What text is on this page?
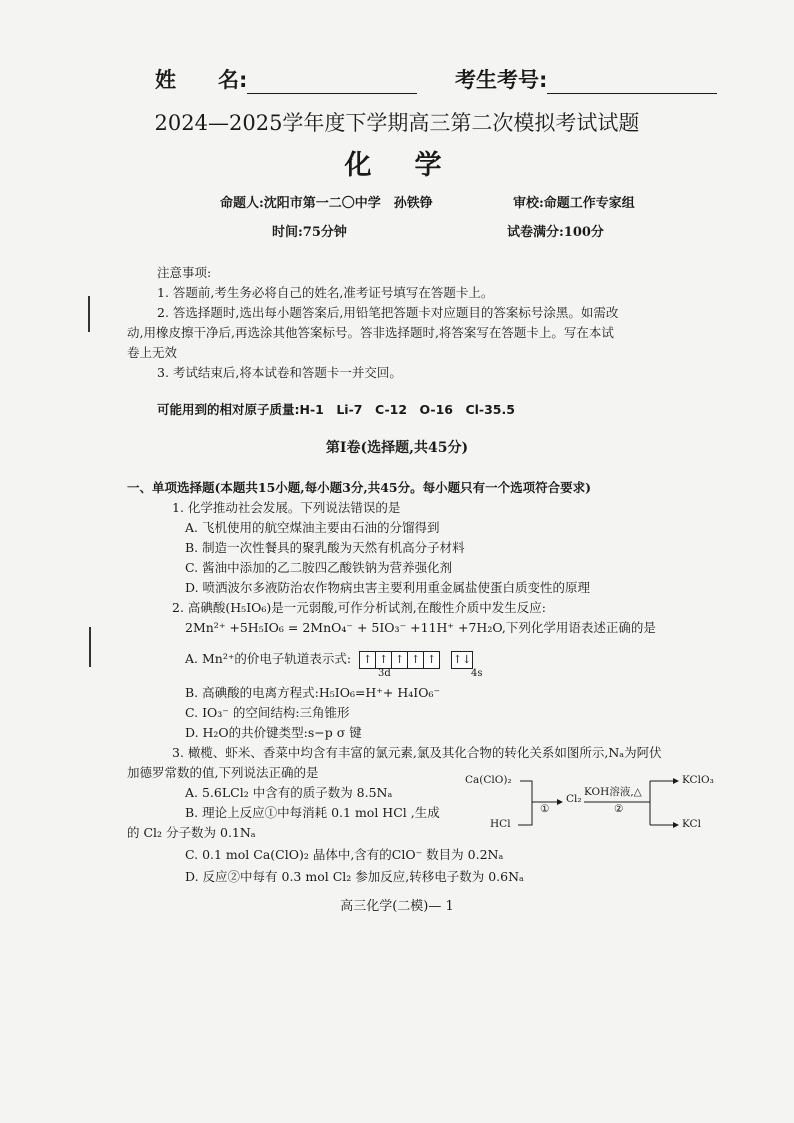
姓　　名:	考生考号:
2024—2025学年度下学期高三第二次模拟考试试题
化　学
命题人:沈阳市第一二〇中学　孙铁铮	审校:命题工作专家组
时间:75分钟	试卷满分:100分
注意事项:
1. 答题前,考生务必将自己的姓名,准考证号填写在答题卡上。
2. 答选择题时,选出每小题答案后,用铅笔把答题卡对应题目的答案标号涂黑。如需改
动,用橡皮擦干净后,再选涂其他答案标号。答非选择题时,将答案写在答题卡上。写在本试
卷上无效
3. 考试结束后,将本试卷和答题卡一并交回。
可能用到的相对原子质量:H-1　Li-7　C-12　O-16　Cl-35.5
第Ⅰ卷(选择题,共45分)
一、单项选择题(本题共15小题,每小题3分,共45分。每小题只有一个选项符合要求)
1. 化学推动社会发展。下列说法错误的是
A. 飞机使用的航空煤油主要由石油的分馏得到
B. 制造一次性餐具的聚乳酸为天然有机高分子材料
C. 酱油中添加的乙二胺四乙酸铁钠为营养强化剂
D. 喷洒波尔多液防治农作物病虫害主要利用重金属盐使蛋白质变性的原理
2. 高碘酸(H₅IO₆)是一元弱酸,可作分析试剂,在酸性介质中发生反应:
2Mn²⁺ +5H₅IO₆ = 2MnO₄⁻ + 5IO₃⁻ +11H⁺ +7H₂O,下列化学用语表述正确的是
A. Mn²⁺的价电子轨道表示式: ↑ ↑ ↑ ↑ ↑ ↑↓
3d	4s
B. 高碘酸的电离方程式:H₅IO₆=H⁺+ H₄IO₆⁻
C. IO₃⁻ 的空间结构:三角锥形
D. H₂O的共价键类型:s−p σ 键
3. 橄榄、虾米、香菜中均含有丰富的氯元素,氯及其化合物的转化关系如图所示,Nₐ为阿伏
加德罗常数的值,下列说法正确的是
A. 5.6LCl₂ 中含有的质子数为 8.5Nₐ
B. 理论上反应①中每消耗 0.1 mol HCl ,生成
的 Cl₂ 分子数为 0.1Nₐ
C. 0.1 mol Ca(ClO)₂ 晶体中,含有的ClO⁻ 数目为 0.2Nₐ
D. 反应②中每有 0.3 mol Cl₂ 参加反应,转移电子数为 0.6Nₐ
Ca(ClO)₂
HCl
①
Cl₂
KOH溶液,△
②
KClO₃
KCl
高三化学(二模)— 1
